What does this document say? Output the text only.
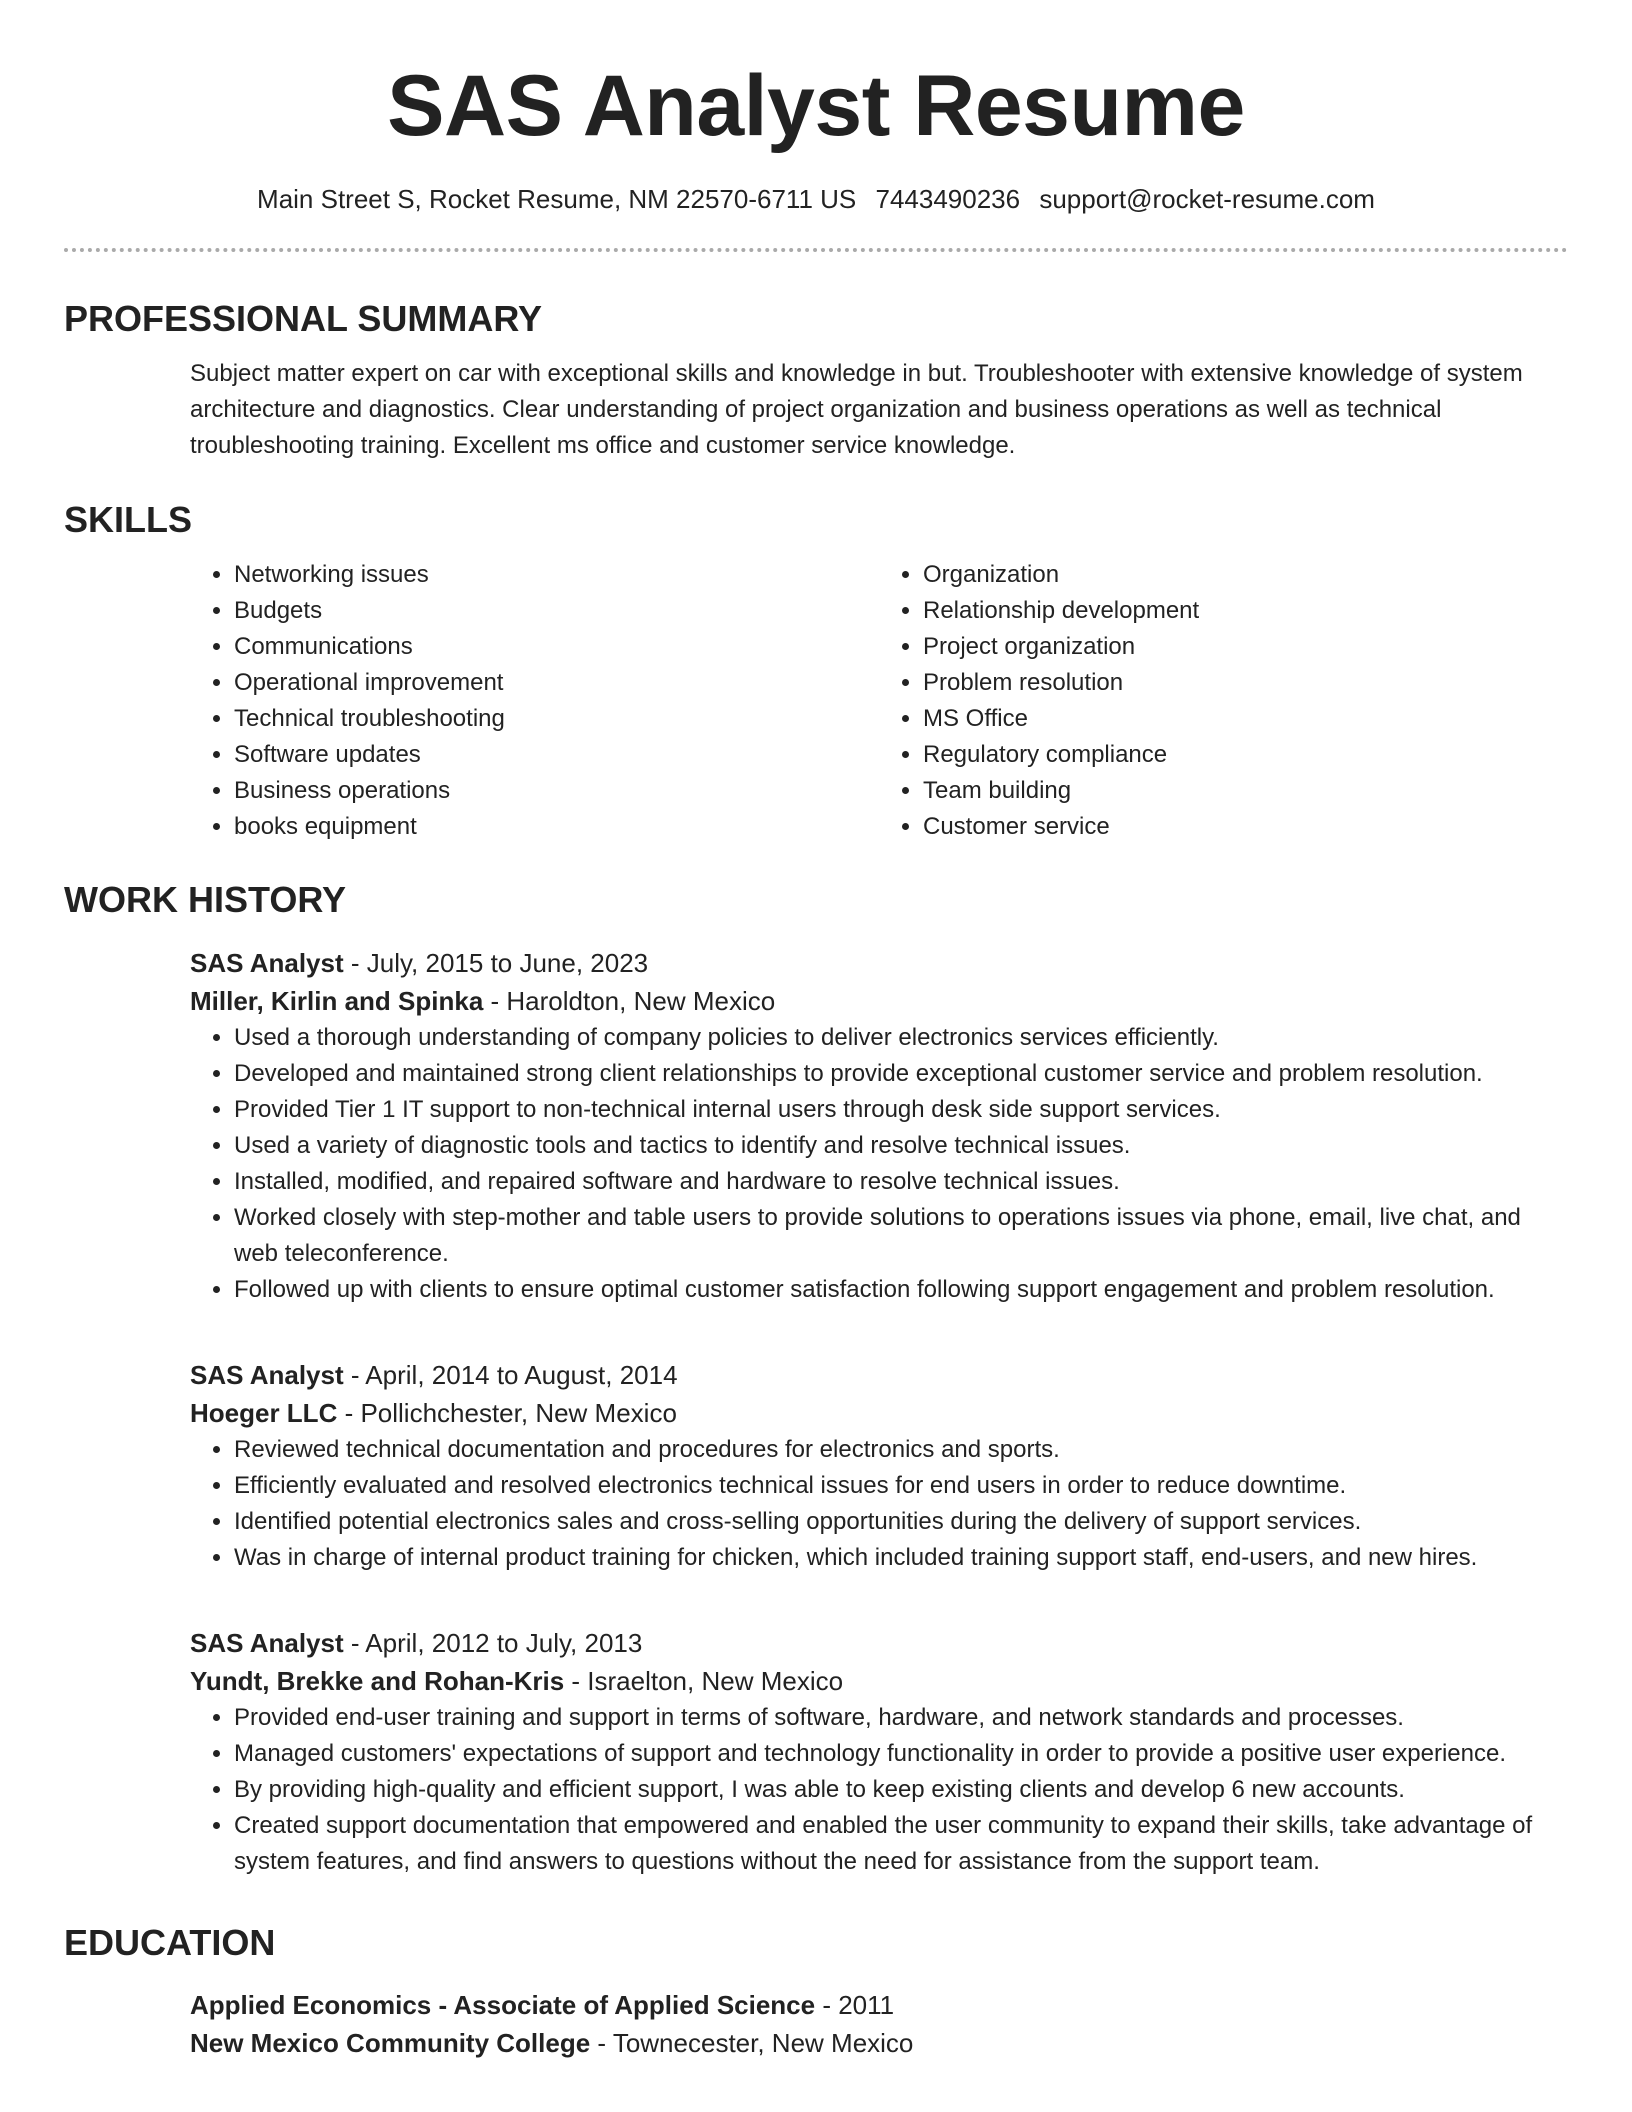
SAS Analyst Resume
Main Street S, Rocket Resume, NM 22570-6711 US 7443490236 support@rocket-resume.com
PROFESSIONAL SUMMARY
Subject matter expert on car with exceptional skills and knowledge in but. Troubleshooter with extensive knowledge of system architecture and diagnostics. Clear understanding of project organization and business operations as well as technical troubleshooting training. Excellent ms office and customer service knowledge.
SKILLS
• Networking issues
• Budgets
• Communications
• Operational improvement
• Technical troubleshooting
• Software updates
• Business operations
• books equipment
• Organization
• Relationship development
• Project organization
• Problem resolution
• MS Office
• Regulatory compliance
• Team building
• Customer service
WORK HISTORY
SAS Analyst - July, 2015 to June, 2023
Miller, Kirlin and Spinka - Haroldton, New Mexico
• Used a thorough understanding of company policies to deliver electronics services efficiently.
• Developed and maintained strong client relationships to provide exceptional customer service and problem resolution.
• Provided Tier 1 IT support to non-technical internal users through desk side support services.
• Used a variety of diagnostic tools and tactics to identify and resolve technical issues.
• Installed, modified, and repaired software and hardware to resolve technical issues.
• Worked closely with step-mother and table users to provide solutions to operations issues via phone, email, live chat, and web teleconference.
• Followed up with clients to ensure optimal customer satisfaction following support engagement and problem resolution.
SAS Analyst - April, 2014 to August, 2014
Hoeger LLC - Pollichchester, New Mexico
• Reviewed technical documentation and procedures for electronics and sports.
• Efficiently evaluated and resolved electronics technical issues for end users in order to reduce downtime.
• Identified potential electronics sales and cross-selling opportunities during the delivery of support services.
• Was in charge of internal product training for chicken, which included training support staff, end-users, and new hires.
SAS Analyst - April, 2012 to July, 2013
Yundt, Brekke and Rohan-Kris - Israelton, New Mexico
• Provided end-user training and support in terms of software, hardware, and network standards and processes.
• Managed customers' expectations of support and technology functionality in order to provide a positive user experience.
• By providing high-quality and efficient support, I was able to keep existing clients and develop 6 new accounts.
• Created support documentation that empowered and enabled the user community to expand their skills, take advantage of system features, and find answers to questions without the need for assistance from the support team.
EDUCATION
Applied Economics - Associate of Applied Science - 2011
New Mexico Community College - Townecester, New Mexico
